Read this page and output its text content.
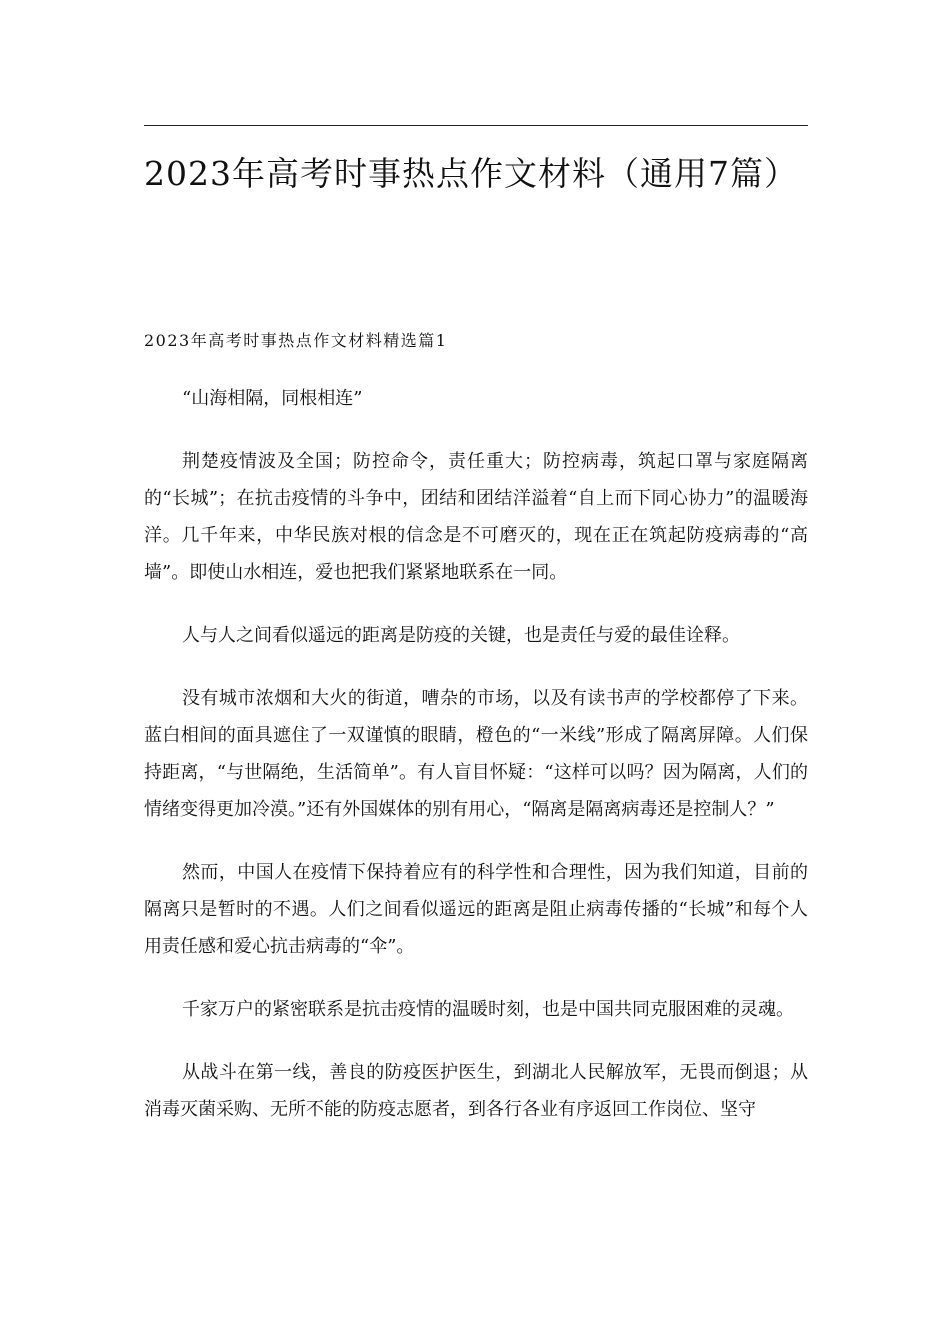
2023年高考时事热点作文材料（通用7篇）
2023年高考时事热点作文材料精选篇1

“山海相隔，同根相连”

荆楚疫情波及全国；防控命令，责任重大；防控病毒，筑起口罩与家庭隔离的“长城”；在抗击疫情的斗争中，团结和团结洋溢着“自上而下同心协力”的温暖海洋。几千年来，中华民族对根的信念是不可磨灭的，现在正在筑起防疫病毒的“高墙”。即使山水相连，爱也把我们紧紧地联系在一同。

人与人之间看似遥远的距离是防疫的关键，也是责任与爱的最佳诠释。

没有城市浓烟和大火的街道，嘈杂的市场，以及有读书声的学校都停了下来。蓝白相间的面具遮住了一双谨慎的眼睛，橙色的“一米线”形成了隔离屏障。人们保持距离，“与世隔绝，生活简单”。有人盲目怀疑：“这样可以吗？因为隔离，人们的情绪变得更加冷漠。”还有外国媒体的别有用心，“隔离是隔离病毒还是控制人？”

然而，中国人在疫情下保持着应有的科学性和合理性，因为我们知道，目前的隔离只是暂时的不遇。人们之间看似遥远的距离是阻止病毒传播的“长城”和每个人用责任感和爱心抗击病毒的“伞”。

千家万户的紧密联系是抗击疫情的温暖时刻，也是中国共同克服困难的灵魂。

从战斗在第一线，善良的防疫医护医生，到湖北人民解放军，无畏而倒退；从消毒灭菌采购、无所不能的防疫志愿者，到各行各业有序返回工作岗位、坚守
